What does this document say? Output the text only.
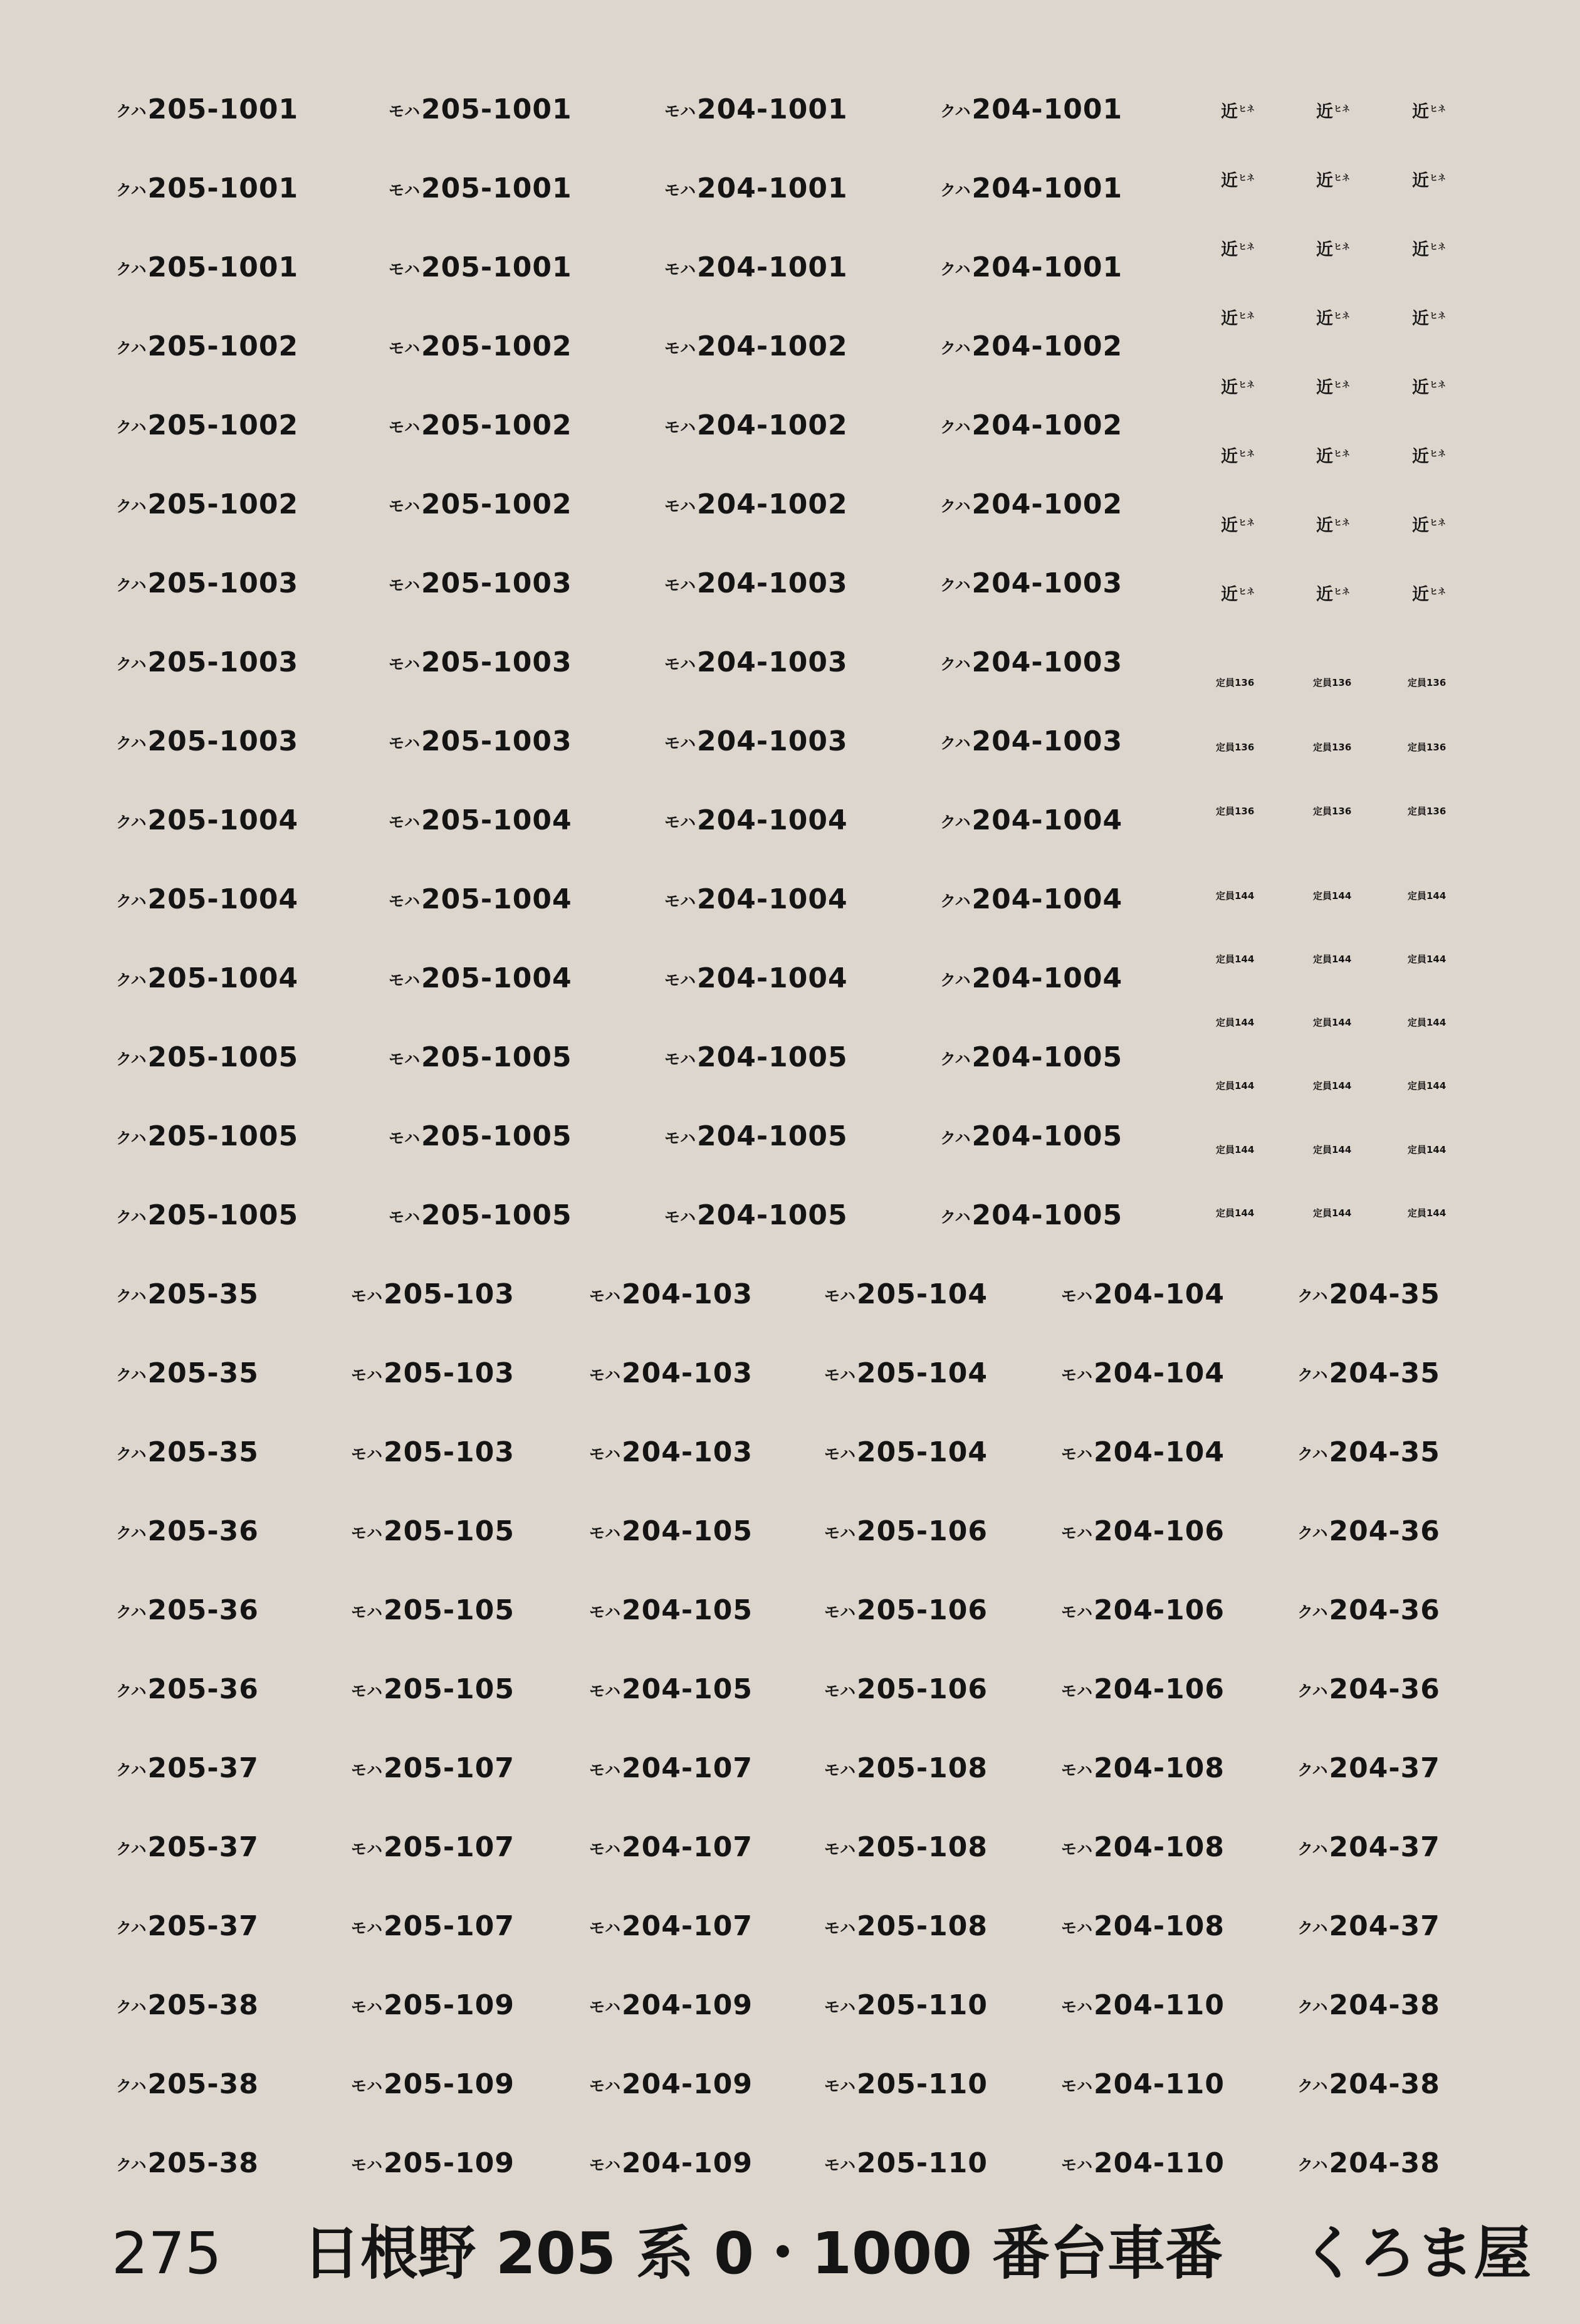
クハ205-1001	モハ205-1001	モハ204-1001	クハ204-1001
クハ205-1001	モハ205-1001	モハ204-1001	クハ204-1001
クハ205-1001	モハ205-1001	モハ204-1001	クハ204-1001
クハ205-1002	モハ205-1002	モハ204-1002	クハ204-1002
クハ205-1002	モハ205-1002	モハ204-1002	クハ204-1002
クハ205-1002	モハ205-1002	モハ204-1002	クハ204-1002
クハ205-1003	モハ205-1003	モハ204-1003	クハ204-1003
クハ205-1003	モハ205-1003	モハ204-1003	クハ204-1003
クハ205-1003	モハ205-1003	モハ204-1003	クハ204-1003
クハ205-1004	モハ205-1004	モハ204-1004	クハ204-1004
クハ205-1004	モハ205-1004	モハ204-1004	クハ204-1004
クハ205-1004	モハ205-1004	モハ204-1004	クハ204-1004
クハ205-1005	モハ205-1005	モハ204-1005	クハ204-1005
クハ205-1005	モハ205-1005	モハ204-1005	クハ204-1005
クハ205-1005	モハ205-1005	モハ204-1005	クハ204-1005
近$^{ヒネ}$	近$^{ヒネ}$	近$^{ヒネ}$
近$^{ヒネ}$	近$^{ヒネ}$	近$^{ヒネ}$
近$^{ヒネ}$	近$^{ヒネ}$	近$^{ヒネ}$
近$^{ヒネ}$	近$^{ヒネ}$	近$^{ヒネ}$
近$^{ヒネ}$	近$^{ヒネ}$	近$^{ヒネ}$
近$^{ヒネ}$	近$^{ヒネ}$	近$^{ヒネ}$
近$^{ヒネ}$	近$^{ヒネ}$	近$^{ヒネ}$
近$^{ヒネ}$	近$^{ヒネ}$	近$^{ヒネ}$
定員136	定員136	定員136
定員136	定員136	定員136
定員136	定員136	定員136
定員144	定員144	定員144
定員144	定員144	定員144
定員144	定員144	定員144
定員144	定員144	定員144
定員144	定員144	定員144
定員144	定員144	定員144
クハ205-35	モハ205-103	モハ204-103	モハ205-104	モハ204-104	クハ204-35
クハ205-35	モハ205-103	モハ204-103	モハ205-104	モハ204-104	クハ204-35
クハ205-35	モハ205-103	モハ204-103	モハ205-104	モハ204-104	クハ204-35
クハ205-36	モハ205-105	モハ204-105	モハ205-106	モハ204-106	クハ204-36
クハ205-36	モハ205-105	モハ204-105	モハ205-106	モハ204-106	クハ204-36
クハ205-36	モハ205-105	モハ204-105	モハ205-106	モハ204-106	クハ204-36
クハ205-37	モハ205-107	モハ204-107	モハ205-108	モハ204-108	クハ204-37
クハ205-37	モハ205-107	モハ204-107	モハ205-108	モハ204-108	クハ204-37
クハ205-37	モハ205-107	モハ204-107	モハ205-108	モハ204-108	クハ204-37
クハ205-38	モハ205-109	モハ204-109	モハ205-110	モハ204-110	クハ204-38
クハ205-38	モハ205-109	モハ204-109	モハ205-110	モハ204-110	クハ204-38
クハ205-38	モハ205-109	モハ204-109	モハ205-110	モハ204-110	クハ204-38
275 日根野 205 系 0・1000 番台車番 くろま屋
